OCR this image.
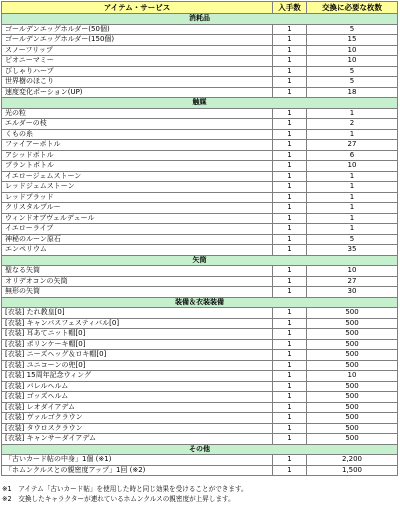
アイテム・サービス	入手数	交換に必要な枚数
消耗品		
ゴールデンエッグホルダー(50個)	1	5
ゴールデンエッグホルダー(150個)	1	15
スノーフリップ	1	10
ピオニーマミー	1	10
びしゃりハーブ	1	5
世界樹のほこり	1	5
速度変化ポーション(UP)	1	18
触媒		
光の粒	1	1
エルダーの枝	1	2
くもの糸	1	1
ファイアーボトル	1	27
アシッドボトル	1	6
プラントボトル	1	10
イエロージェムストーン	1	1
レッドジェムストーン	1	1
レッドブラッド	1	1
クリスタルブルー	1	1
ウィンドオブヴェルデュール	1	1
イエローライブ	1	1
神秘のルーン原石	1	5
エンペリウム	1	35
矢筒		
聖なる矢筒	1	10
オリデオコンの矢筒	1	27
無形の矢筒	1	30
装備＆衣装装備		
[衣装] たれ教皇[0]	1	500
[衣装] キャンパスフェスティバル[0]	1	500
[衣装] 耳あてニット帽[0]	1	500
[衣装] ポリンケーキ帽[0]	1	500
[衣装] ニーズヘッグ＆ロキ帽[0]	1	500
[衣装] ユニコーンの兜[0]	1	500
[衣装] 15周年記念ウィング	1	10
[衣装] バレルヘルム	1	500
[衣装] ゴッズヘルム	1	500
[衣装] レオダイアデム	1	500
[衣装] ヴァルゴクラウン	1	500
[衣装] タウロスクラウン	1	500
[衣装] キャンサーダイアデム	1	500
その他		
「古いカード帖の中身」1個 (※1)	1	2,200
「ホムンクルスとの親密度アップ」1回 (※2)	1	1,500
※1　アイテム「古いカード帖」を使用した時と同じ効果を受けることができます。
※2　交換したキャラクターが連れているホムンクルスの親密度が上昇します。
